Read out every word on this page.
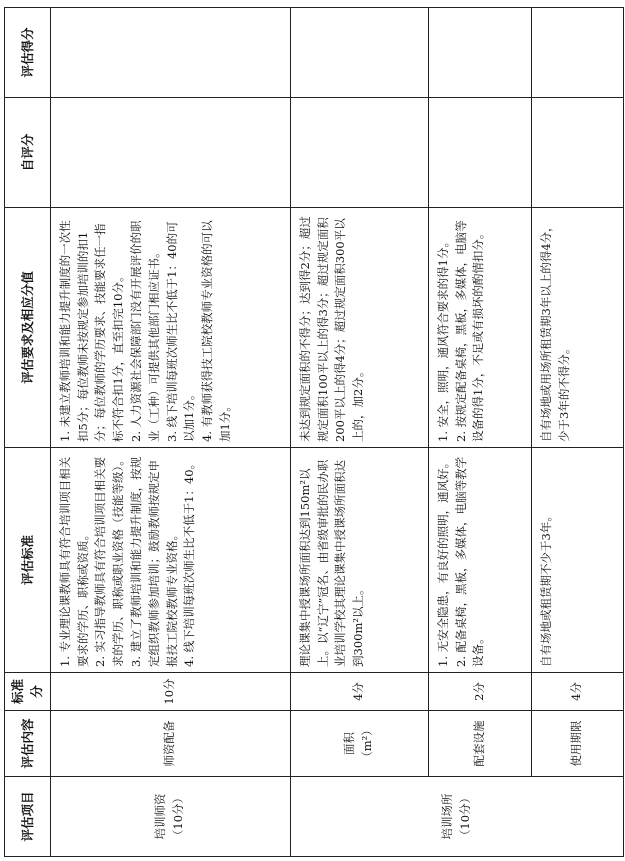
评估项目	评估内容	标准分	评估标准	评估要求及相应分值	自评分	评估得分

培训师资 （10分）	师资配备	10分	1. 专业理论课教师具有符合培训项目相关要求的学历、职称或资质。 2. 实习指导教师具有符合培训项目相关要求的学历、职称或职业资格（技能等级）。 3. 建立了教师培训和能力提升制度，按规定组织教师参加培训；鼓励教师按规定申报技工院校教师专业资格。 4. 线下培训每班次师生比不低于1：40。	1. 未建立教师培训和能力提升制度的一次性扣5分；每位教师未按规定参加培训的扣1分；每位教师的学历要求、技能要求任一指标不符合扣1分，直至扣完10分。 2. 人力资源社会保障部门没有开展评价的职业（工种）可提供其他部门相应证书。 3. 线下培训每班次师生比不低于1：40的可以加1分。 4. 有教师获得技工院校教师专业资格的可以加1分。		

培训场所 （10分）	面积（m²）	4分	理论课集中授课场所面积达到150m²以上。以“辽宁”冠名、由省级审批的民办职业培训学校其理论课集中授课场所面积达到300m²以上。	未达到规定面积的不得分；达到得2分；超过规定面积100平以上的得3分；超过规定面积200平以上的得4分；超过规定面积300平以上的，加2分。		

	配套设施	2分	1. 无安全隐患，有良好的照明，通风好。 2. 配备桌椅，黑板，多媒体，电脑等教学设备。	1. 安全，照明，通风符合要求的得1分。 2. 按规定配备桌椅，黑板，多媒体，电脑等设备的得1分，不足或有损坏的酌情扣分。		

	使用期限	4分	自有场地或租赁期不少于3年。	自有场地或用场所租赁期3年以上的得4分，少于3年的不得分。		
